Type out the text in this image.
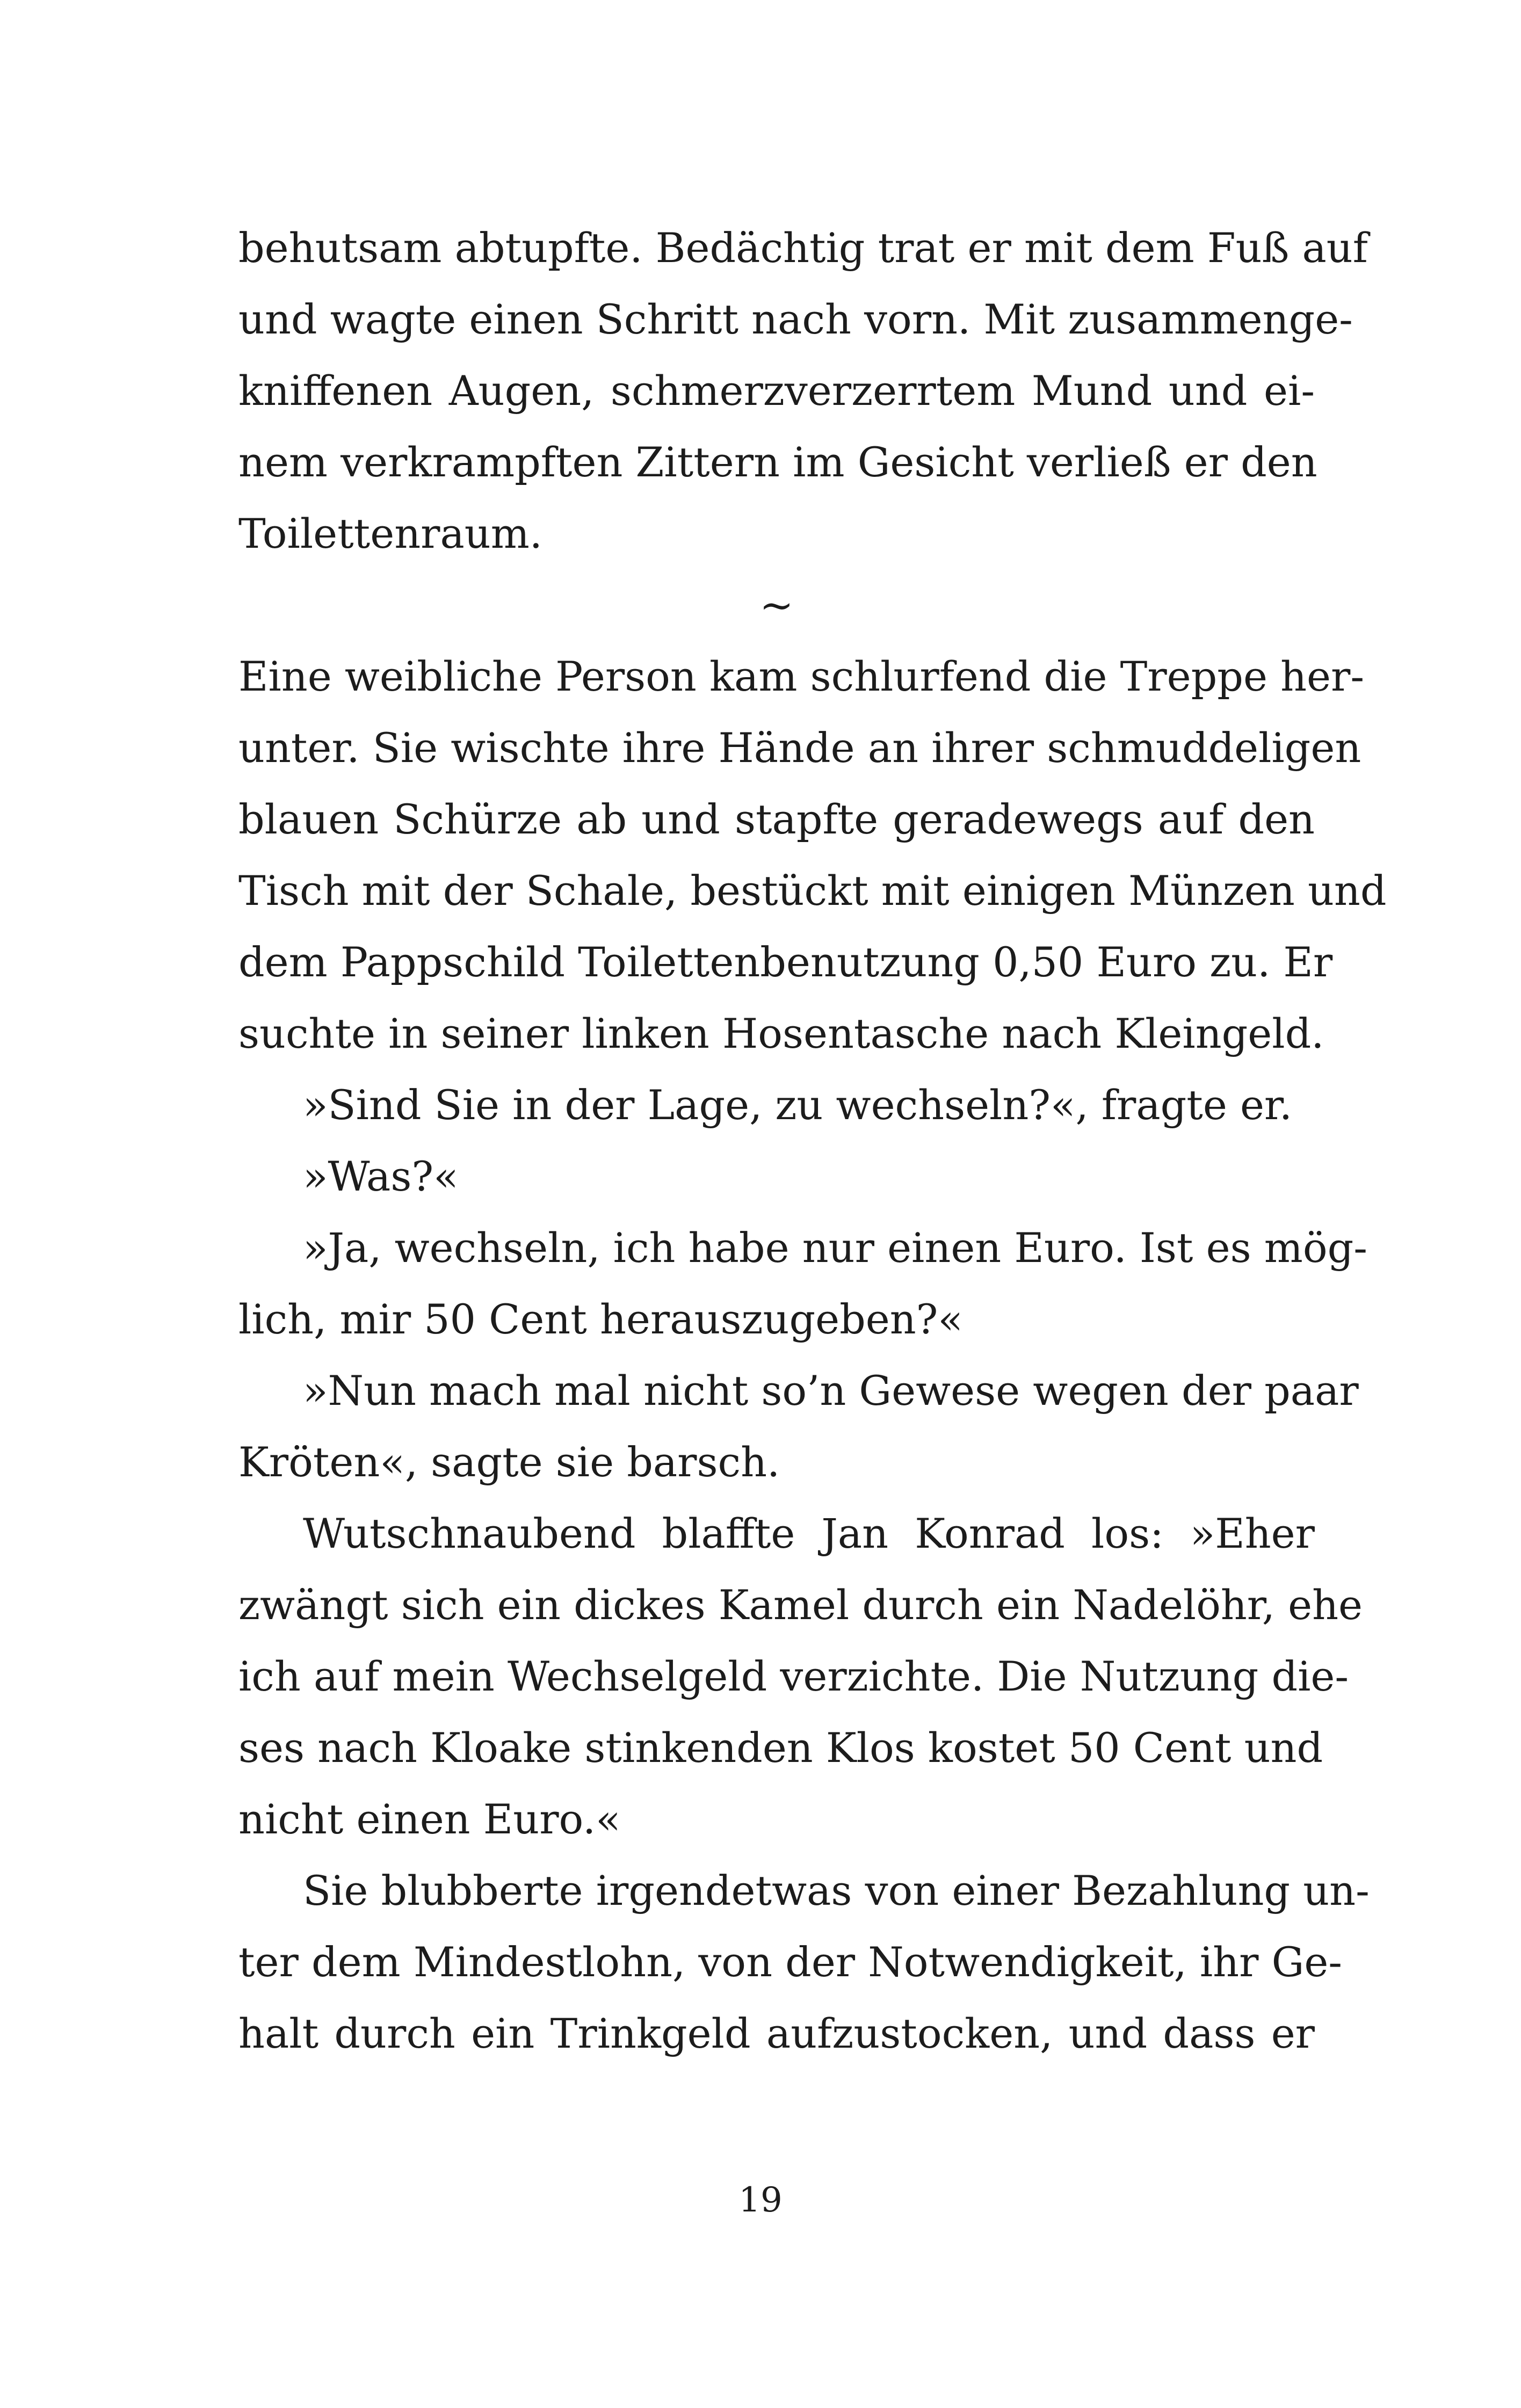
behutsam abtupfte. Bedächtig trat er mit dem Fuß auf
und wagte einen Schritt nach vorn. Mit zusammenge-
kniffenen Augen, schmerzverzerrtem Mund und ei-
nem verkrampften Zittern im Gesicht verließ er den
Toilettenraum.
~
Eine weibliche Person kam schlurfend die Treppe her-
unter. Sie wischte ihre Hände an ihrer schmuddeligen
blauen Schürze ab und stapfte geradewegs auf den
Tisch mit der Schale, bestückt mit einigen Münzen und
dem Pappschild Toilettenbenutzung 0,50 Euro zu. Er
suchte in seiner linken Hosentasche nach Kleingeld.
»Sind Sie in der Lage, zu wechseln?«, fragte er.
»Was?«
»Ja, wechseln, ich habe nur einen Euro. Ist es mög-
lich, mir 50 Cent herauszugeben?«
»Nun mach mal nicht so’n Gewese wegen der paar
Kröten«, sagte sie barsch.
Wutschnaubend blaffte Jan Konrad los: »Eher
zwängt sich ein dickes Kamel durch ein Nadelöhr, ehe
ich auf mein Wechselgeld verzichte. Die Nutzung die-
ses nach Kloake stinkenden Klos kostet 50 Cent und
nicht einen Euro.«
Sie blubberte irgendetwas von einer Bezahlung un-
ter dem Mindestlohn, von der Notwendigkeit, ihr Ge-
halt durch ein Trinkgeld aufzustocken, und dass er
19
